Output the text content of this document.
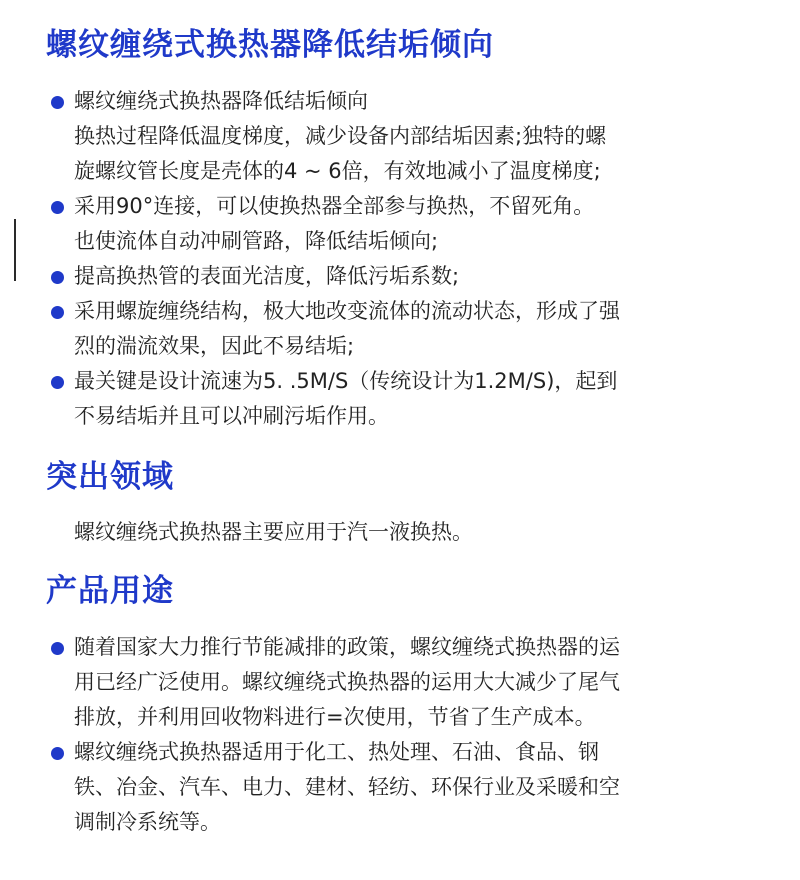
螺纹缠绕式换热器降低结垢倾向
螺纹缠绕式换热器降低结垢倾向
换热过程降低温度梯度，减少设备内部结垢因素;独特的螺
旋螺纹管长度是壳体的4 ~ 6倍，有效地减小了温度梯度;
采用90°连接，可以使换热器全部参与换热，不留死角。
也使流体自动冲刷管路，降低结垢倾向;
提高换热管的表面光洁度，降低污垢系数;
采用螺旋缠绕结构，极大地改变流体的流动状态，形成了强
烈的湍流效果，因此不易结垢;
最关键是设计流速为5. .5M/S（传统设计为1.2M/S)，起到
不易结垢并且可以冲刷污垢作用。
突出领域

螺纹缠绕式换热器主要应用于汽一液换热。

产品用途
随着国家大力推行节能减排的政策，螺纹缠绕式换热器的运
用已经广泛使用。螺纹缠绕式换热器的运用大大减少了尾气
排放，并利用回收物料进行=次使用，节省了生产成本。
螺纹缠绕式换热器适用于化工、热处理、石油、食品、钢
铁、冶金、汽车、电力、建材、轻纺、环保行业及采暖和空
调制冷系统等。
